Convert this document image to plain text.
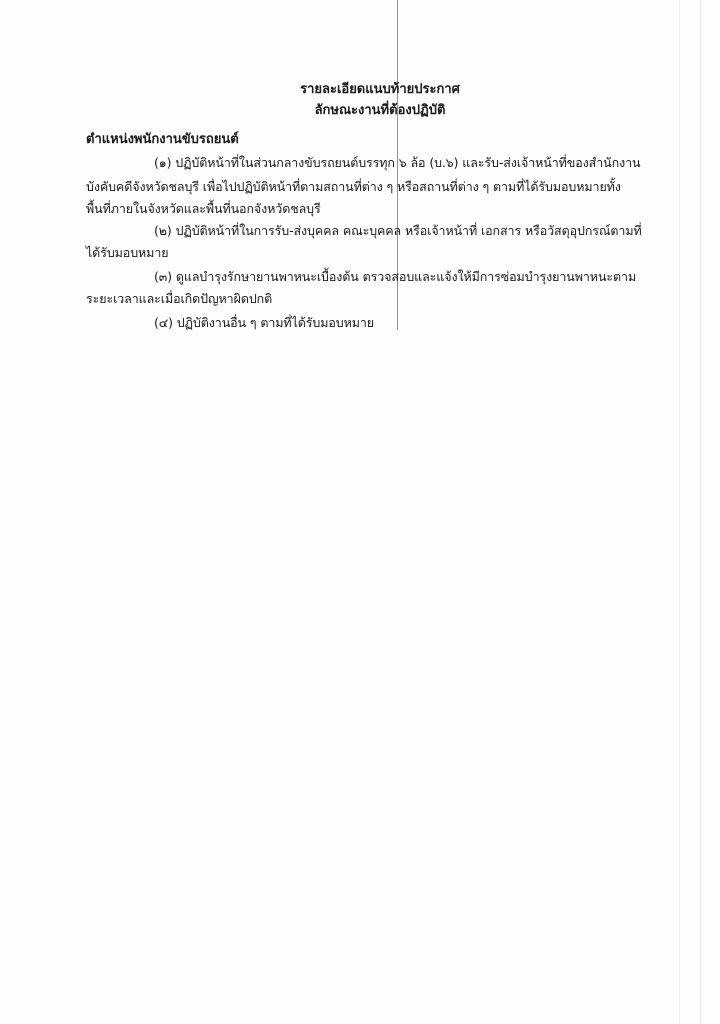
รายละเอียดแนบท้ายประกาศ
ลักษณะงานที่ต้องปฏิบัติ
ตำแหน่งพนักงานขับรถยนต์
(๑) ปฏิบัติหน้าที่ในส่วนกลางขับรถยนต์บรรทุก ๖ ล้อ (บ.๖) และรับ-ส่งเจ้าหน้าที่ของสำนักงาน
บังคับคดีจังหวัดชลบุรี เพื่อไปปฏิบัติหน้าที่ตามสถานที่ต่าง ๆ หรือสถานที่ต่าง ๆ ตามที่ได้รับมอบหมายทั้ง
พื้นที่ภายในจังหวัดและพื้นที่นอกจังหวัดชลบุรี
(๒) ปฏิบัติหน้าที่ในการรับ-ส่งบุคคล คณะบุคคล หรือเจ้าหน้าที่ เอกสาร หรือวัสดุอุปกรณ์ตามที่
ได้รับมอบหมาย
(๓) ดูแลบำรุงรักษายานพาหนะเบื้องต้น ตรวจสอบและแจ้งให้มีการซ่อมบำรุงยานพาหนะตาม
ระยะเวลาและเมื่อเกิดปัญหาผิดปกติ
(๔) ปฏิบัติงานอื่น ๆ ตามที่ได้รับมอบหมาย
